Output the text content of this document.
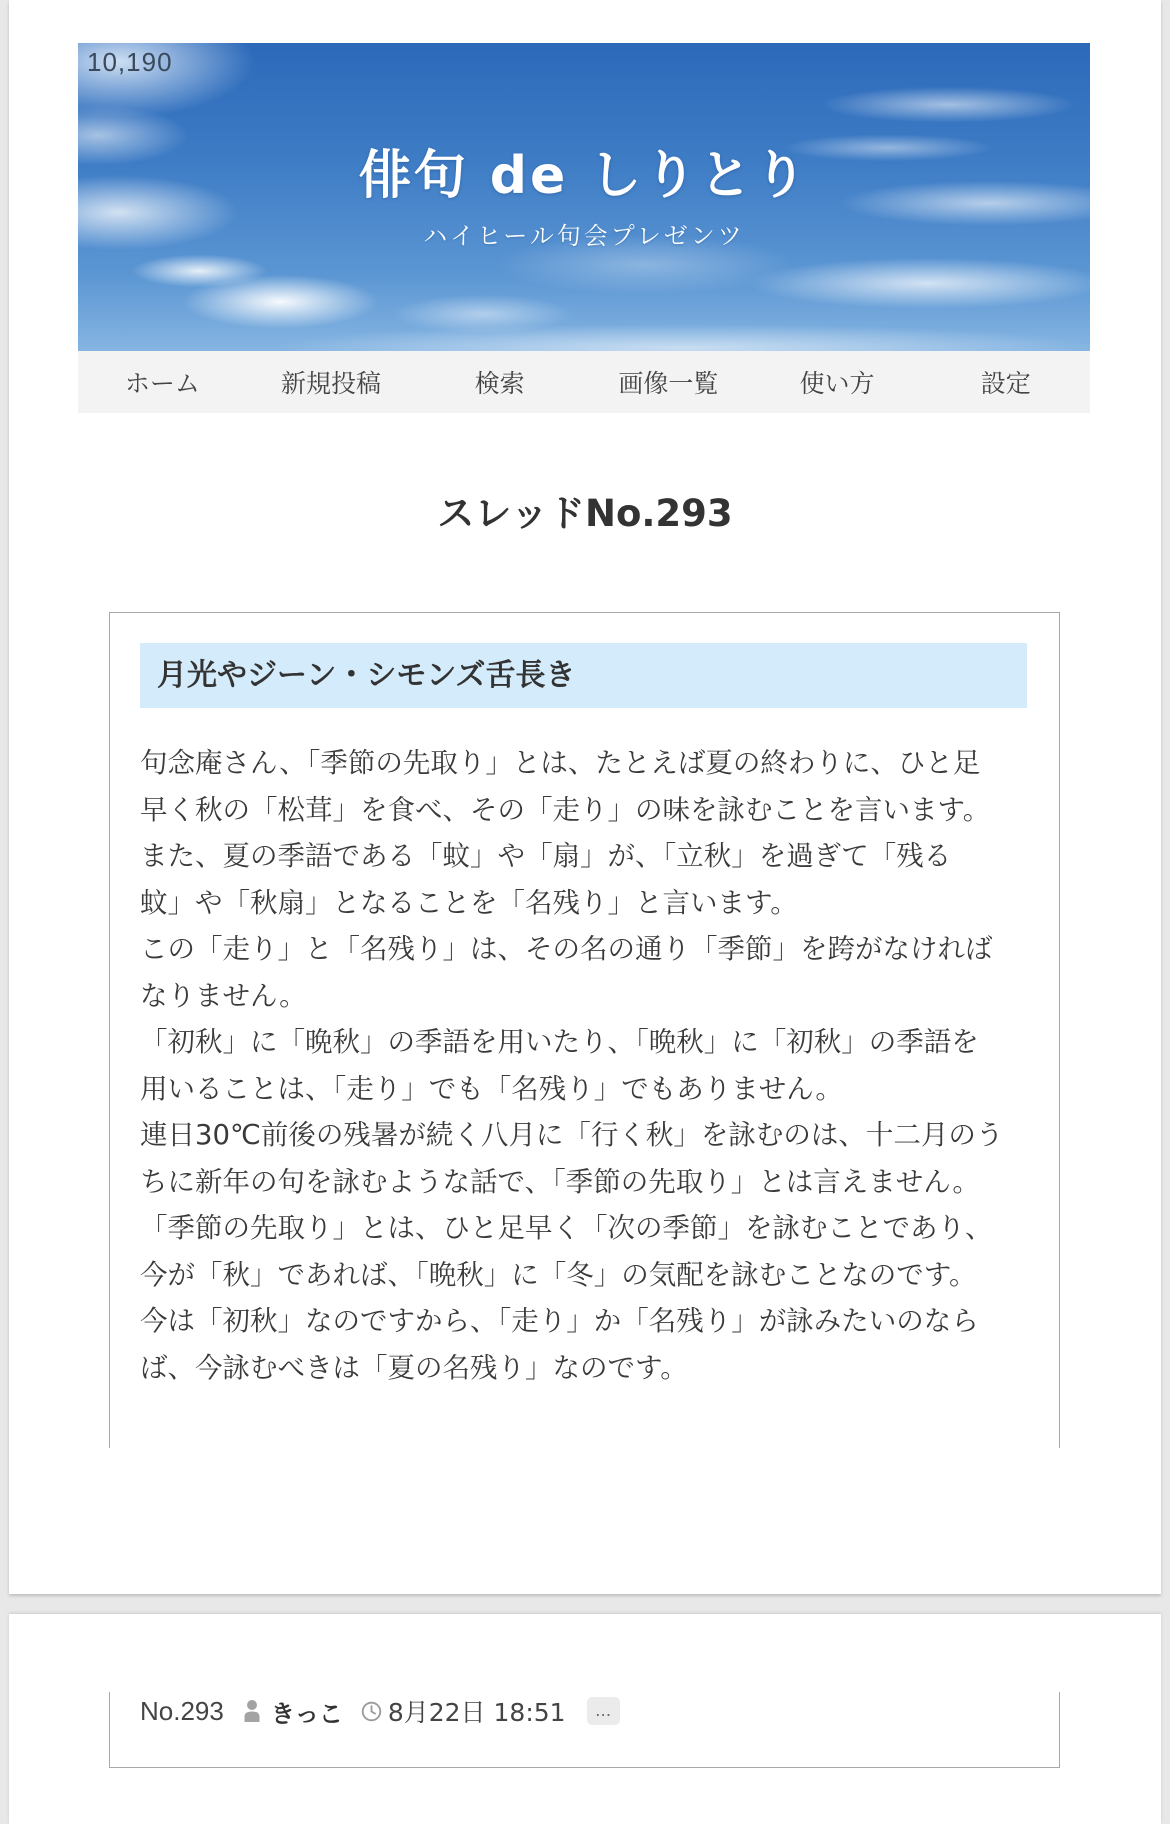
10,190
俳句 de しりとり
ハイヒール句会プレゼンツ
ホーム	新規投稿	検索	画像一覧	使い方	設定
スレッドNo.293
月光やジーン・シモンズ舌長き
句念庵さん、「季節の先取り」とは、たとえば夏の終わりに、ひと足
早く秋の「松茸」を食べ、その「走り」の味を詠むことを言います。
また、夏の季語である「蚊」や「扇」が、「立秋」を過ぎて「残る
蚊」や「秋扇」となることを「名残り」と言います。
この「走り」と「名残り」は、その名の通り「季節」を跨がなければ
なりません。
「初秋」に「晩秋」の季語を用いたり、「晩秋」に「初秋」の季語を
用いることは、「走り」でも「名残り」でもありません。
連日30℃前後の残暑が続く八月に「行く秋」を詠むのは、十二月のう
ちに新年の句を詠むような話で、「季節の先取り」とは言えません。
「季節の先取り」とは、ひと足早く「次の季節」を詠むことであり、
今が「秋」であれば、「晩秋」に「冬」の気配を詠むことなのです。
今は「初秋」なのですから、「走り」か「名残り」が詠みたいのなら
ば、今詠むべきは「夏の名残り」なのです。
No.293 きっこ 8月22日 18:51	…
